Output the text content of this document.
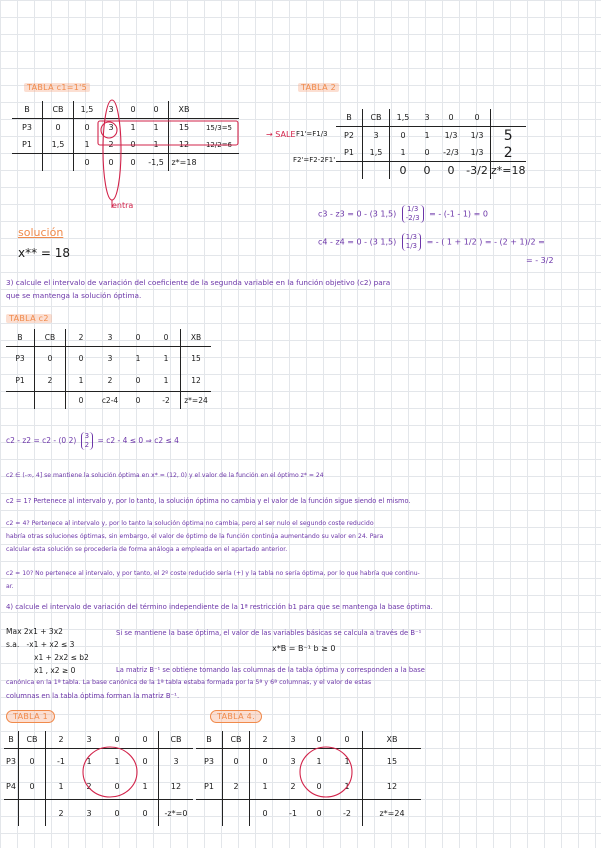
TABLA c1=1'5
B	CB	1,5	3	0	0	XB	
P3	0	0	3	1	1	15	15/3=5
P1	1,5	1	2	0	1	12	12/2=6
		0	0	0	-1,5	z*=18	
→ SALE
entra
TABLA 2
F1'=F1/3
F2'=F2-2F1'
B	CB	1,5	3	0	0	
P2	3	0	1	1/3	1/3	5
P1	1,5	1	0	-2/3	1/3	2
		0	0	0	-3/2	z*=18
c3 - z3 = 0 - (3 1,5) 1/3
-2/3 = - (-1 - 1) = 0
c4 - z4 = 0 - (3 1,5) 1/3
1/3 = - ( 1 + 1/2 ) = - (2 + 1)/2 =
= - 3/2
solución
x** = 18
3) calcule el intervalo de variación del coeficiente de la segunda variable en la función objetivo (c2) para
que se mantenga la solución óptima.
TABLA c2
B	CB	2	3	0	0	XB
P3	0	0	3	1	1	15
P1	2	1	2	0	1	12
		0	c2-4	0	-2	z*=24
c2 - z2 = c2 - (0 2) 3
2 = c2 - 4 ≤ 0 ⇒ c2 ≤ 4
c2 ∈ (-∞, 4] se mantiene la solución óptima en x* = (12, 0) y el valor de la función en el óptimo z* = 24
c2 = 1? Pertenece al intervalo y, por lo tanto, la solución óptima no cambia y el valor de la función sigue siendo el mismo.
c2 = 4? Pertenece al intervalo y, por lo tanto la solución óptima no cambia, pero al ser nulo el segundo coste reducido
habría otras soluciones óptimas, sin embargo, el valor de óptimo de la función continúa aumentando su valor en 24. Para
calcular esta solución se procedería de forma análoga a empleada en el apartado anterior.
c2 = 10? No pertenece al intervalo, y por tanto, el 2º coste reducido sería (+) y la tabla no sería óptima, por lo que habría que continu-
ar.
4) calcule el intervalo de variación del término independiente de la 1ª restricción b1 para que se mantenga la base óptima.
Max 2x1 + 3x2
s.a. -x1 + x2 ≤ 3
x1 + 2x2 ≤ b2
x1 , x2 ≥ 0
Si se mantiene la base óptima, el valor de las variables básicas se calcula a través de B⁻¹
x*B = B⁻¹ b ≥ 0
La matriz B⁻¹ se obtiene tomando las columnas de la tabla óptima y corresponden a la base
canónica en la 1ª tabla. La base canónica de la 1ª tabla estaba formada por la 5ª y 6ª columnas, y el valor de estas
columnas en la tabla óptima forman la matriz B⁻¹.
TABLA 1
B	CB	2	3	0	0	CB
P3	0	-1	1	1	0	3
P4	0	1	2	0	1	12
		2	3	0	0	-z*=0
TABLA 4.
B	CB	2	3	0	0	XB
P3	0	0	3	1	1	15
P1	2	1	2	0	1	12
		0	-1	0	-2	z*=24
